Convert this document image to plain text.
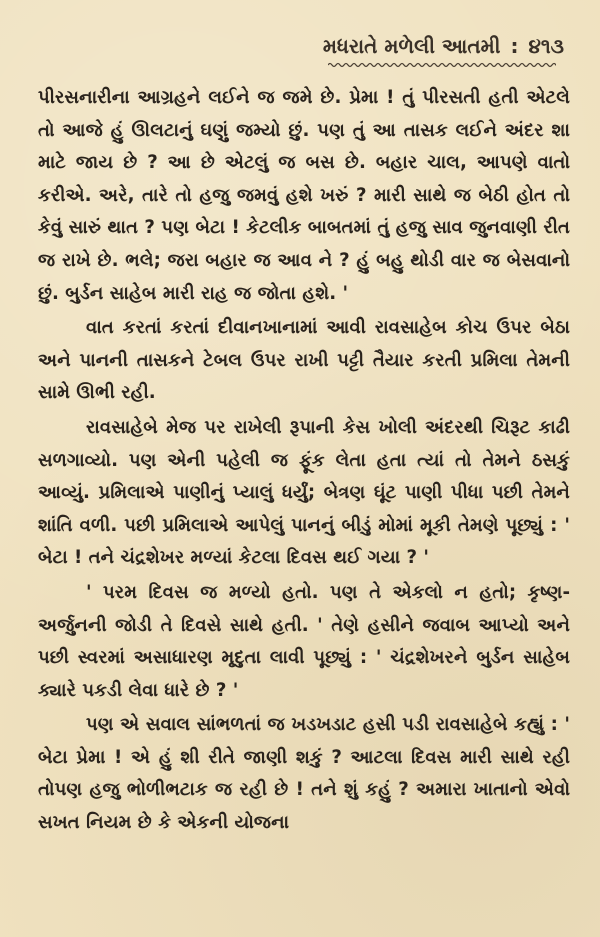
મધરાતે મળેલી આતમી : ૪૧૩

પીરસનારીના આગ્રહને લઈને જ જમે છે. પ્રેમા ! તું પીરસતી હતી એટલે તો આજે હું ઊલટાનું ઘણું જમ્યો છું. પણ તું આ તાસક લઈને અંદર શા માટે જાય છે ? આ છે એટલું જ બસ છે. બહાર ચાલ, આપણે વાતો કરીએ. અરે, તારે તો હજુ જમવું હશે ખરું ? મારી સાથે જ બેઠી હોત તો કેવું સારું થાત ? પણ બેટા ! કેટલીક બાબતમાં તું હજુ સાવ જુનવાણી રીત જ રાખે છે. ભલે; જરા બહાર જ આવ ને ? હું બહુ થોડી વાર જ બેસવાનો છું. બુર્ડન સાહેબ મારી રાહ જ જોતા હશે. '

વાત કરતાં કરતાં દીવાનખાનામાં આવી રાવસાહેબ કોચ ઉપર બેઠા અને પાનની તાસકને ટેબલ ઉપર રાખી પટ્ટી તૈયાર કરતી પ્રમિલા તેમની સામે ઊભી રહી.

રાવસાહેબે મેજ પર રાખેલી રૂપાની કેસ ખોલી અંદરથી ચિરૂટ કાઢી સળગાવ્યો. પણ એની પહેલી જ ફૂંક લેતા હતા ત્યાં તો તેમને ઠસકું આવ્યું. પ્રમિલાએ પાણીનું પ્યાલું ધર્યું; બેત્રણ ઘૂંટ પાણી પીધા પછી તેમને શાંતિ વળી. પછી પ્રમિલાએ આપેલું પાનનું બીડું મોમાં મૂકી તેમણે પૂછ્યું : ' બેટા ! તને ચંદ્રશેખર મળ્યાં કેટલા દિવસ થઈ ગયા ? '

' પરમ દિવસ જ મળ્યો હતો. પણ તે એકલો ન હતો; કૃષ્ણ-અર્જુનની જોડી તે દિવસે સાથે હતી. ' તેણે હસીને જવાબ આપ્યો અને પછી સ્વરમાં અસાધારણ મૃદુતા લાવી પૂછ્યું : ' ચંદ્રશેખરને બુર્ડન સાહેબ ક્યારે પકડી લેવા ધારે છે ? '

પણ એ સવાલ સાંભળતાં જ ખડખડાટ હસી પડી રાવસાહેબે કહ્યું : ' બેટા પ્રેમા ! એ હું શી રીતે જાણી શકું ? આટલા દિવસ મારી સાથે રહી તોપણ હજુ ભોળીભટાક જ રહી છે ! તને શું કહું ? અમારા ખાતાનો એવો સખત નિયમ છે કે એકની યોજના
